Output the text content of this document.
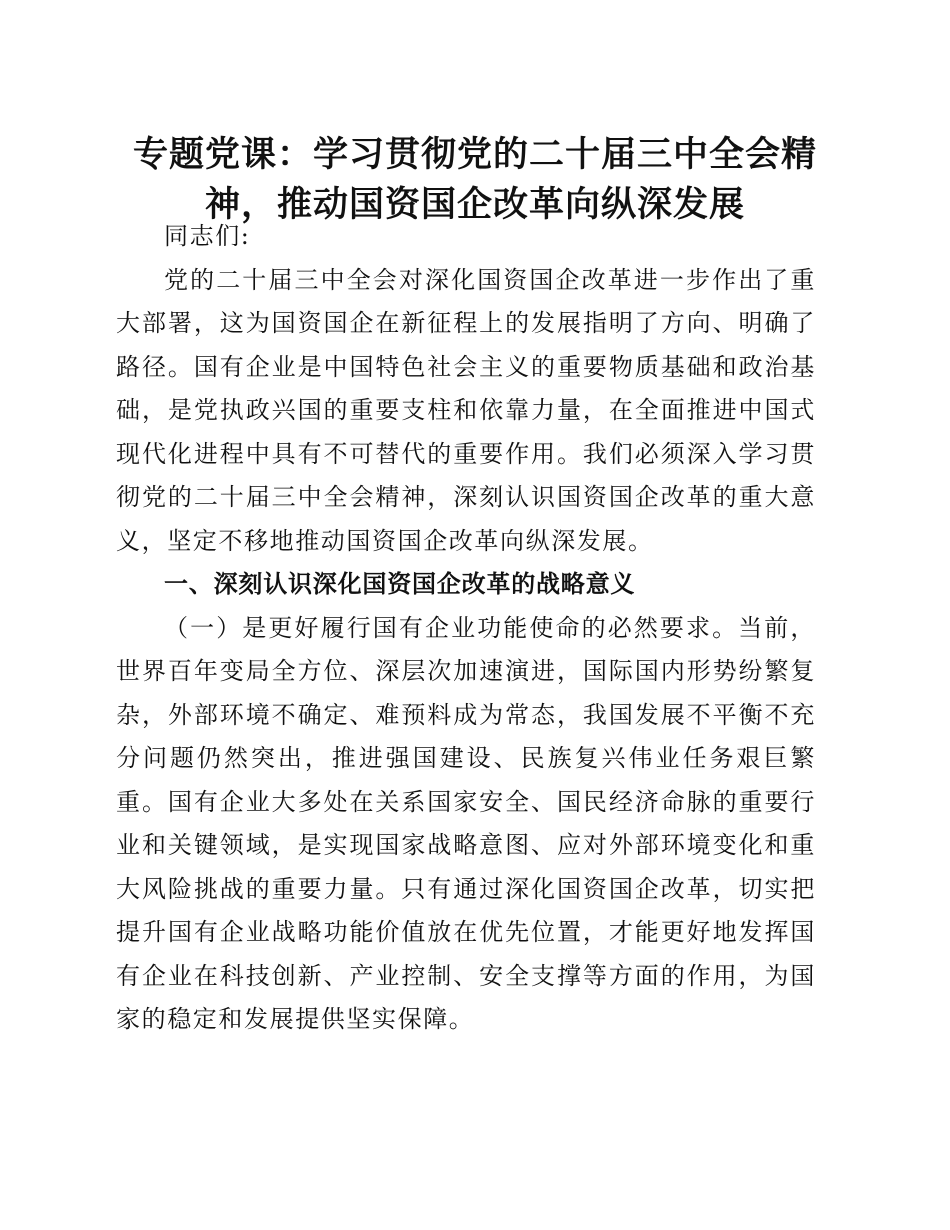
专题党课：学习贯彻党的二十届三中全会精
神，推动国资国企改革向纵深发展

同志们:

党的二十届三中全会对深化国资国企改革进一步作出了重大部署，这为国资国企在新征程上的发展指明了方向、明确了路径。国有企业是中国特色社会主义的重要物质基础和政治基础，是党执政兴国的重要支柱和依靠力量，在全面推进中国式现代化进程中具有不可替代的重要作用。我们必须深入学习贯彻党的二十届三中全会精神，深刻认识国资国企改革的重大意义，坚定不移地推动国资国企改革向纵深发展。

一、深刻认识深化国资国企改革的战略意义

（一）是更好履行国有企业功能使命的必然要求。当前，世界百年变局全方位、深层次加速演进，国际国内形势纷繁复杂，外部环境不确定、难预料成为常态，我国发展不平衡不充分问题仍然突出，推进强国建设、民族复兴伟业任务艰巨繁重。国有企业大多处在关系国家安全、国民经济命脉的重要行业和关键领域，是实现国家战略意图、应对外部环境变化和重大风险挑战的重要力量。只有通过深化国资国企改革，切实把提升国有企业战略功能价值放在优先位置，才能更好地发挥国有企业在科技创新、产业控制、安全支撑等方面的作用，为国家的稳定和发展提供坚实保障。
